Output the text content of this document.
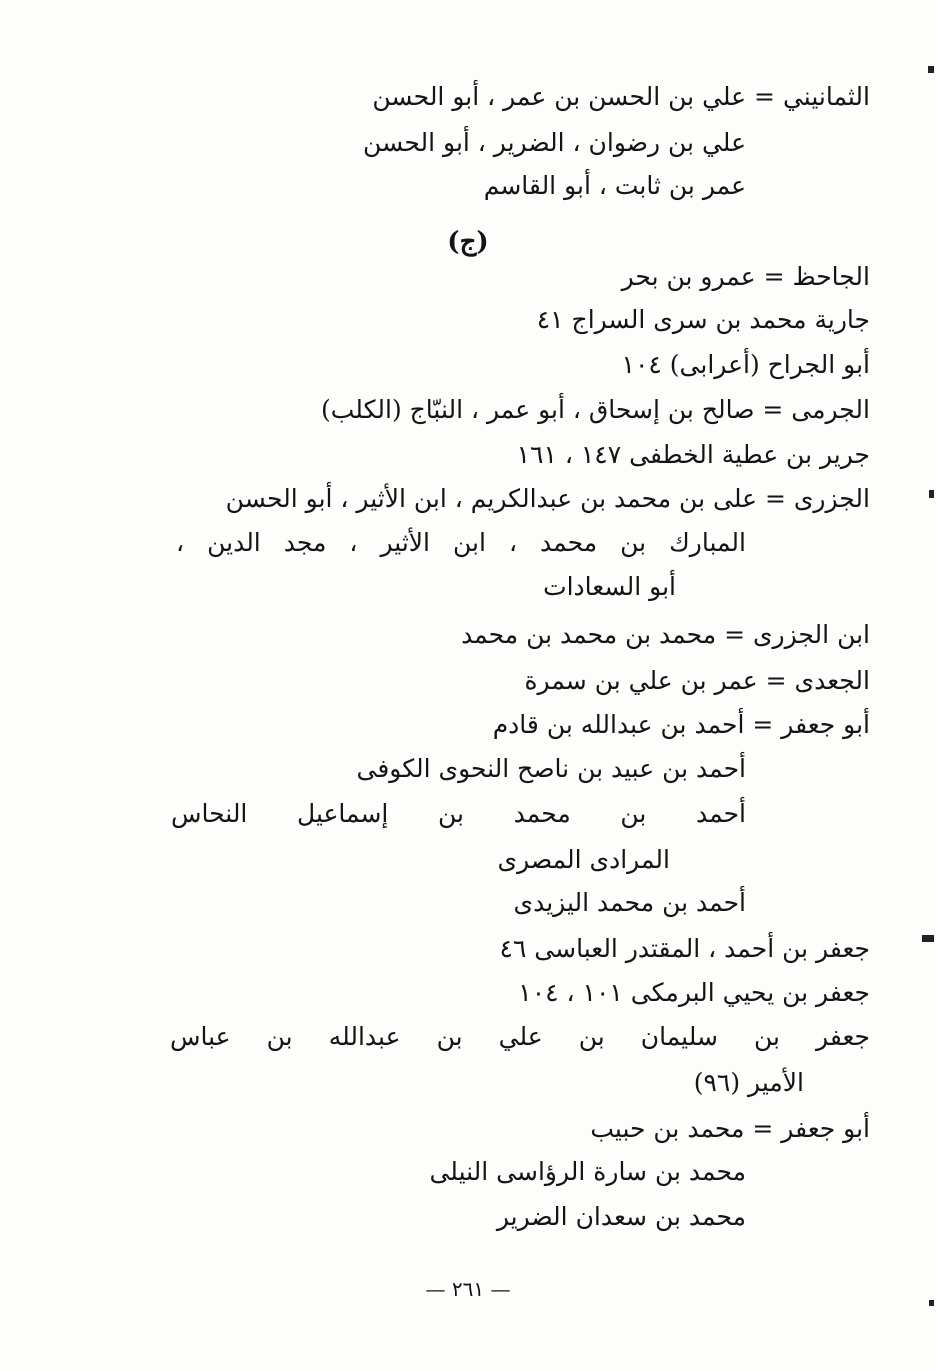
الثمانيني = علي بن الحسن بن عمر ، أبو الحسن
علي بن رضوان ، الضرير ، أبو الحسن
عمر بن ثابت ، أبو القاسم
(ج)
الجاحظ = عمرو بن بحر
جارية محمد بن سرى السراج ٤١
أبو الجراح (أعرابى) ١٠٤
الجرمى = صالح بن إسحاق ، أبو عمر ، النبّاج (الكلب)
جرير بن عطية الخطفى ١٤٧ ، ١٦١
الجزرى = على بن محمد بن عبدالكريم ، ابن الأثير ، أبو الحسن
المبارك بن محمد ، ابن الأثير ، مجد الدين ،
أبو السعادات
ابن الجزرى = محمد بن محمد بن محمد
الجعدى = عمر بن علي بن سمرة
أبو جعفر = أحمد بن عبدالله بن قادم
أحمد بن عبيد بن ناصح النحوى الكوفى
أحمد بن محمد بن إسماعيل النحاس
المرادى المصرى
أحمد بن محمد اليزيدى
جعفر بن أحمد ، المقتدر العباسى ٤٦
جعفر بن يحيي البرمكى ١٠١ ، ١٠٤
جعفر بن سليمان بن علي بن عبدالله بن عباس
الأمير (٩٦)
أبو جعفر = محمد بن حبيب
محمد بن سارة الرؤاسى النيلى
محمد بن سعدان الضرير
— ٢٦١ —
